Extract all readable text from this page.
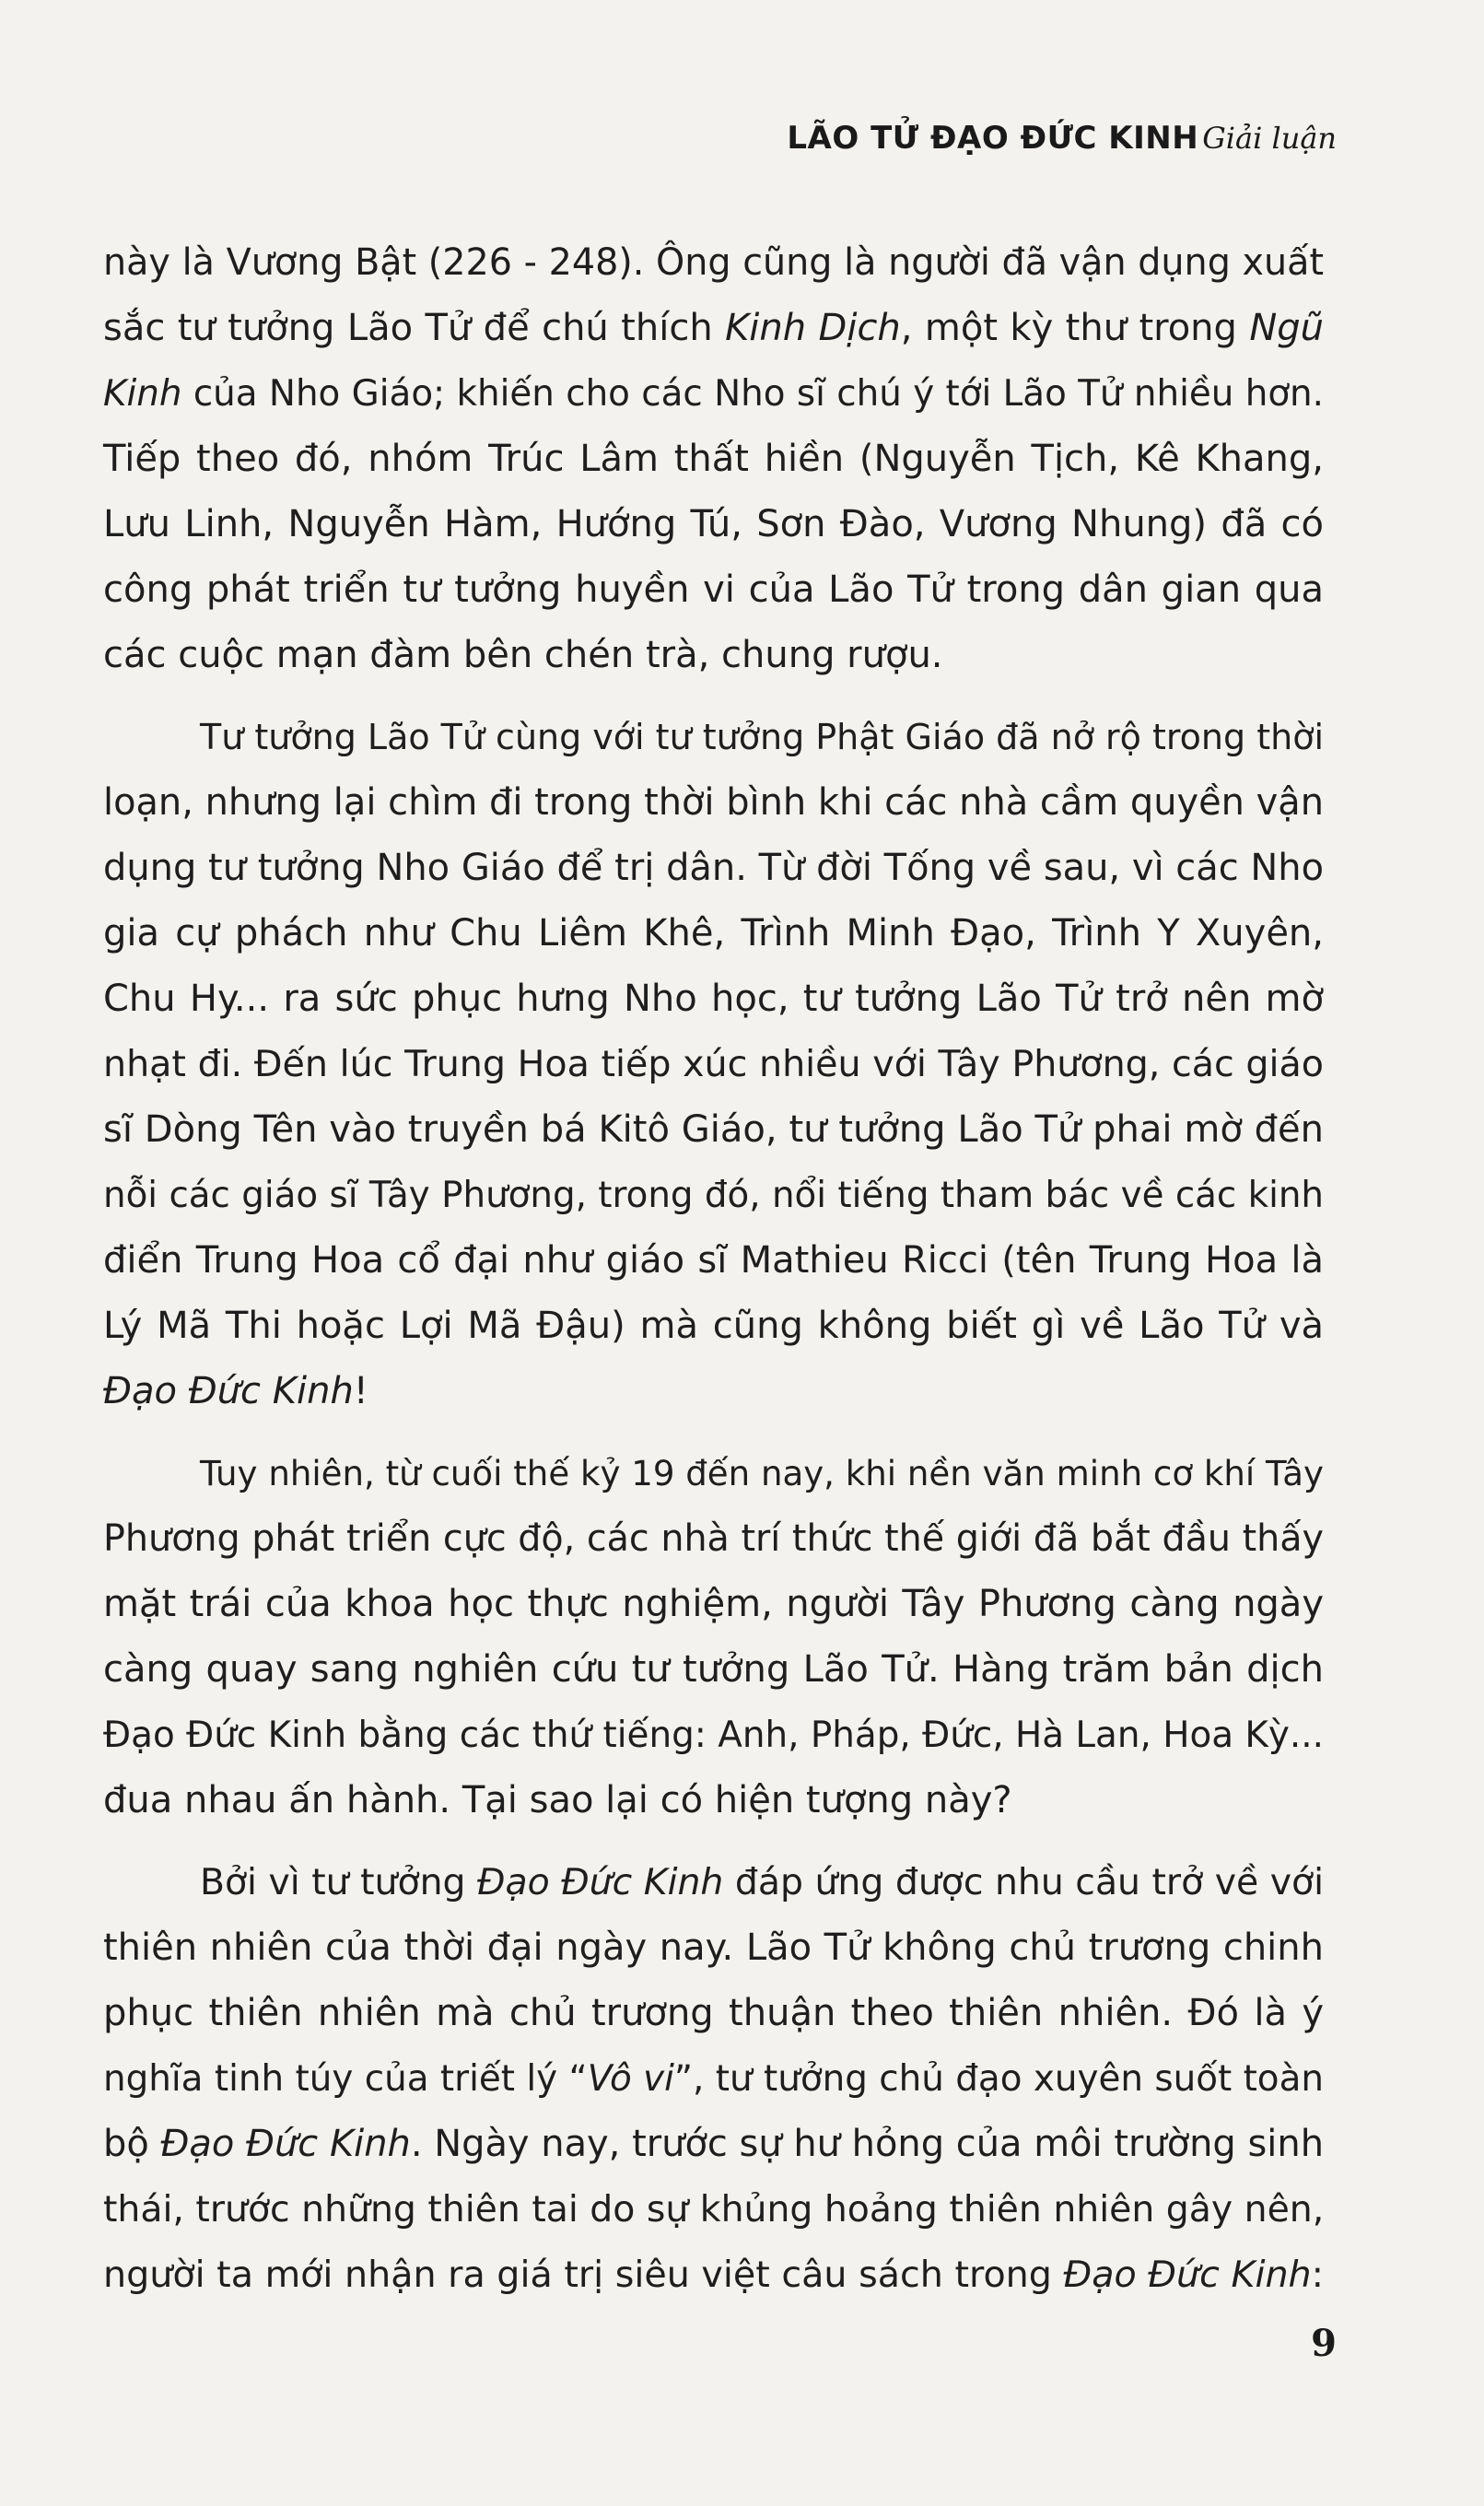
LÃO TỬ ĐẠO ĐỨC KINH Giải luận
này là Vương Bật (226 - 248). Ông cũng là người đã vận dụng xuất
sắc tư tưởng Lão Tử để chú thích Kinh Dịch, một kỳ thư trong Ngũ
Kinh của Nho Giáo; khiến cho các Nho sĩ chú ý tới Lão Tử nhiều hơn.
Tiếp theo đó, nhóm Trúc Lâm thất hiền (Nguyễn Tịch, Kê Khang,
Lưu Linh, Nguyễn Hàm, Hướng Tú, Sơn Đào, Vương Nhung) đã có
công phát triển tư tưởng huyền vi của Lão Tử trong dân gian qua
các cuộc mạn đàm bên chén trà, chung rượu.
Tư tưởng Lão Tử cùng với tư tưởng Phật Giáo đã nở rộ trong thời
loạn, nhưng lại chìm đi trong thời bình khi các nhà cầm quyền vận
dụng tư tưởng Nho Giáo để trị dân. Từ đời Tống về sau, vì các Nho
gia cự phách như Chu Liêm Khê, Trình Minh Đạo, Trình Y Xuyên,
Chu Hy... ra sức phục hưng Nho học, tư tưởng Lão Tử trở nên mờ
nhạt đi. Đến lúc Trung Hoa tiếp xúc nhiều với Tây Phương, các giáo
sĩ Dòng Tên vào truyền bá Kitô Giáo, tư tưởng Lão Tử phai mờ đến
nỗi các giáo sĩ Tây Phương, trong đó, nổi tiếng tham bác về các kinh
điển Trung Hoa cổ đại như giáo sĩ Mathieu Ricci (tên Trung Hoa là
Lý Mã Thi hoặc Lợi Mã Đậu) mà cũng không biết gì về Lão Tử và
Đạo Đức Kinh!
Tuy nhiên, từ cuối thế kỷ 19 đến nay, khi nền văn minh cơ khí Tây
Phương phát triển cực độ, các nhà trí thức thế giới đã bắt đầu thấy
mặt trái của khoa học thực nghiệm, người Tây Phương càng ngày
càng quay sang nghiên cứu tư tưởng Lão Tử. Hàng trăm bản dịch
Đạo Đức Kinh bằng các thứ tiếng: Anh, Pháp, Đức, Hà Lan, Hoa Kỳ...
đua nhau ấn hành. Tại sao lại có hiện tượng này?
Bởi vì tư tưởng Đạo Đức Kinh đáp ứng được nhu cầu trở về với
thiên nhiên của thời đại ngày nay. Lão Tử không chủ trương chinh
phục thiên nhiên mà chủ trương thuận theo thiên nhiên. Đó là ý
nghĩa tinh túy của triết lý “Vô vi”, tư tưởng chủ đạo xuyên suốt toàn
bộ Đạo Đức Kinh. Ngày nay, trước sự hư hỏng của môi trường sinh
thái, trước những thiên tai do sự khủng hoảng thiên nhiên gây nên,
người ta mới nhận ra giá trị siêu việt câu sách trong Đạo Đức Kinh:
9
